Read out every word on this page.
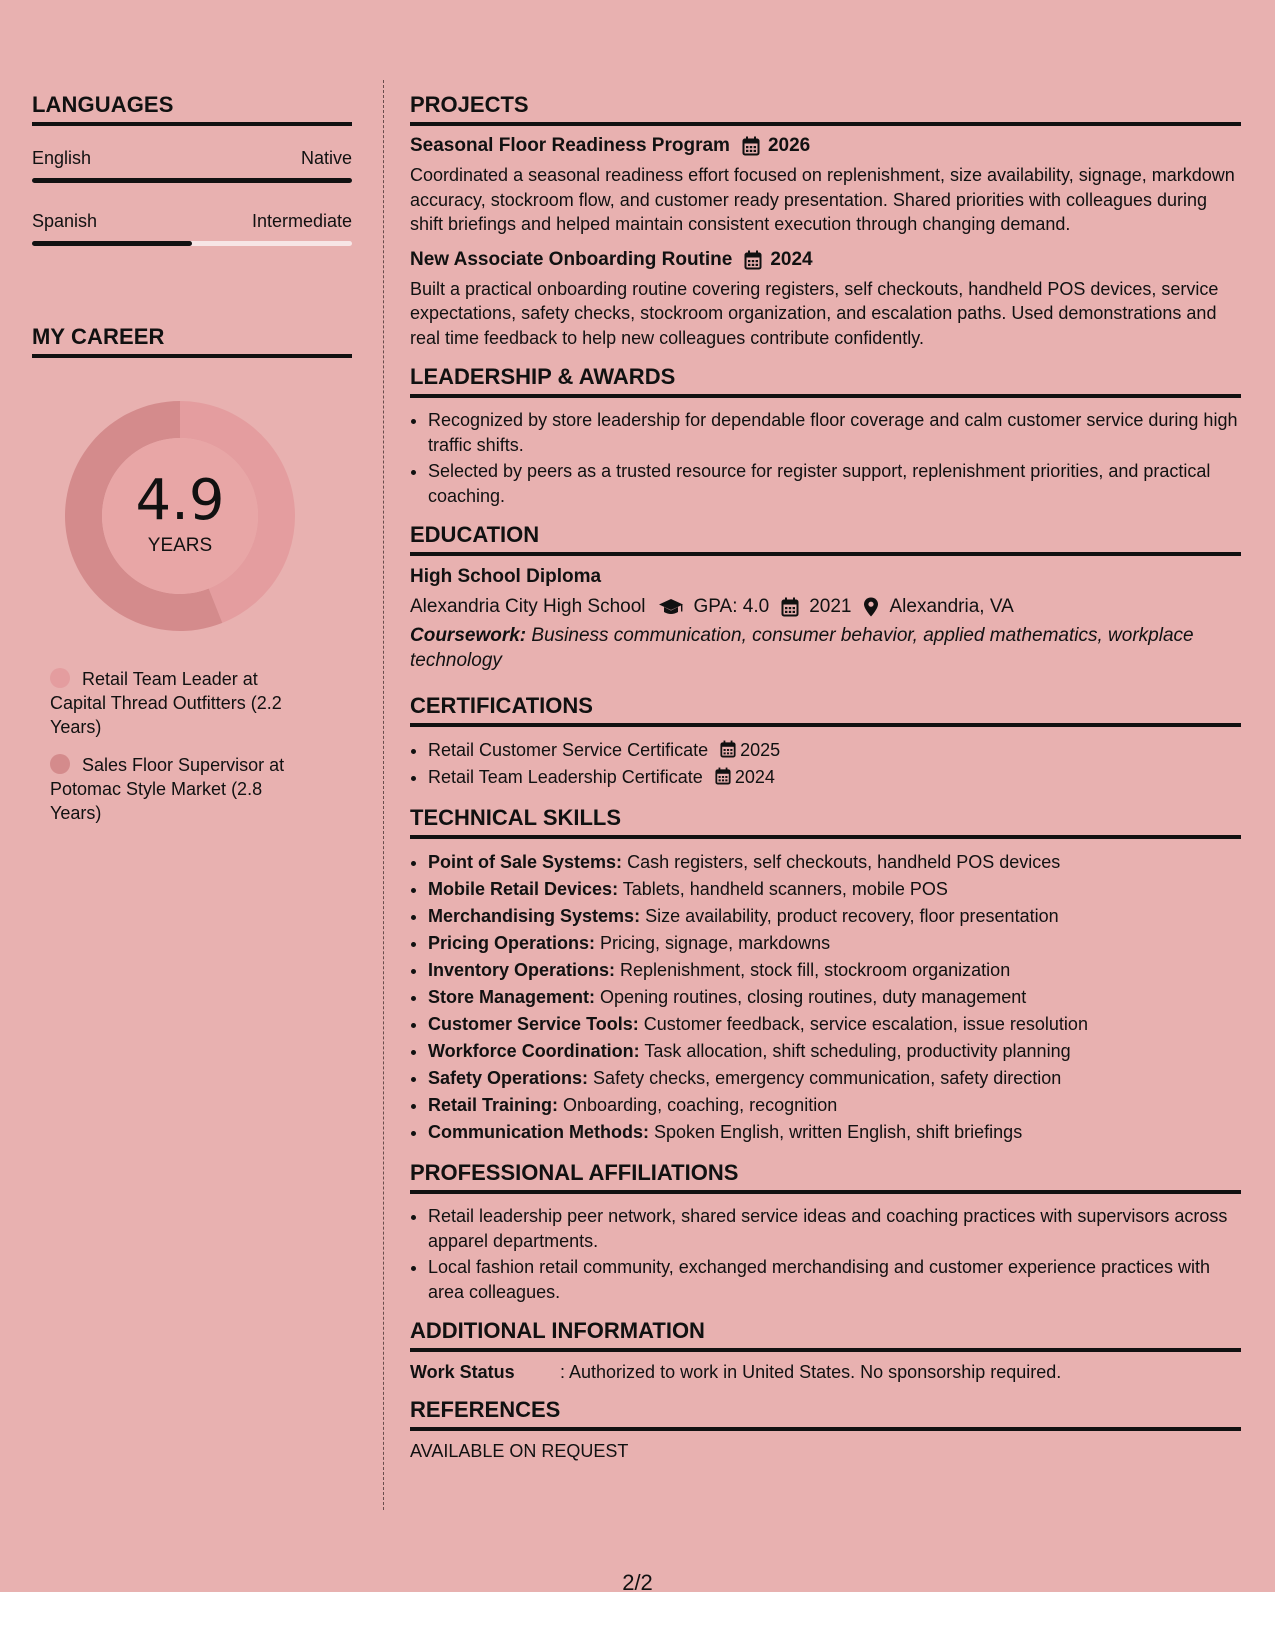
LANGUAGES
English	Native
Spanish	Intermediate
MY CAREER
4.9
YEARS
Retail Team Leader at Capital Thread Outfitters (2.2 Years)
Sales Floor Supervisor at Potomac Style Market (2.8 Years)
PROJECTS
Seasonal Floor Readiness Program 2026
Coordinated a seasonal readiness effort focused on replenishment, size availability, signage, markdown accuracy, stockroom flow, and customer ready presentation. Shared priorities with colleagues during shift briefings and helped maintain consistent execution through changing demand.
New Associate Onboarding Routine 2024
Built a practical onboarding routine covering registers, self checkouts, handheld POS devices, service expectations, safety checks, stockroom organization, and escalation paths. Used demonstrations and real time feedback to help new colleagues contribute confidently.
LEADERSHIP & AWARDS
• Recognized by store leadership for dependable floor coverage and calm customer service during high traffic shifts.
• Selected by peers as a trusted resource for register support, replenishment priorities, and practical coaching.
EDUCATION
High School Diploma
Alexandria City High School	GPA: 4.0 2021 Alexandria, VA
Coursework: Business communication, consumer behavior, applied mathematics, workplace technology
CERTIFICATIONS
• Retail Customer Service Certificate 2025
• Retail Team Leadership Certificate 2024
TECHNICAL SKILLS
• Point of Sale Systems: Cash registers, self checkouts, handheld POS devices
• Mobile Retail Devices: Tablets, handheld scanners, mobile POS
• Merchandising Systems: Size availability, product recovery, floor presentation
• Pricing Operations: Pricing, signage, markdowns
• Inventory Operations: Replenishment, stock fill, stockroom organization
• Store Management: Opening routines, closing routines, duty management
• Customer Service Tools: Customer feedback, service escalation, issue resolution
• Workforce Coordination: Task allocation, shift scheduling, productivity planning
• Safety Operations: Safety checks, emergency communication, safety direction
• Retail Training: Onboarding, coaching, recognition
• Communication Methods: Spoken English, written English, shift briefings
PROFESSIONAL AFFILIATIONS
• Retail leadership peer network, shared service ideas and coaching practices with supervisors across apparel departments.
• Local fashion retail community, exchanged merchandising and customer experience practices with area colleagues.
ADDITIONAL INFORMATION
Work Status	: Authorized to work in United States. No sponsorship required.
REFERENCES
AVAILABLE ON REQUEST
2/2
